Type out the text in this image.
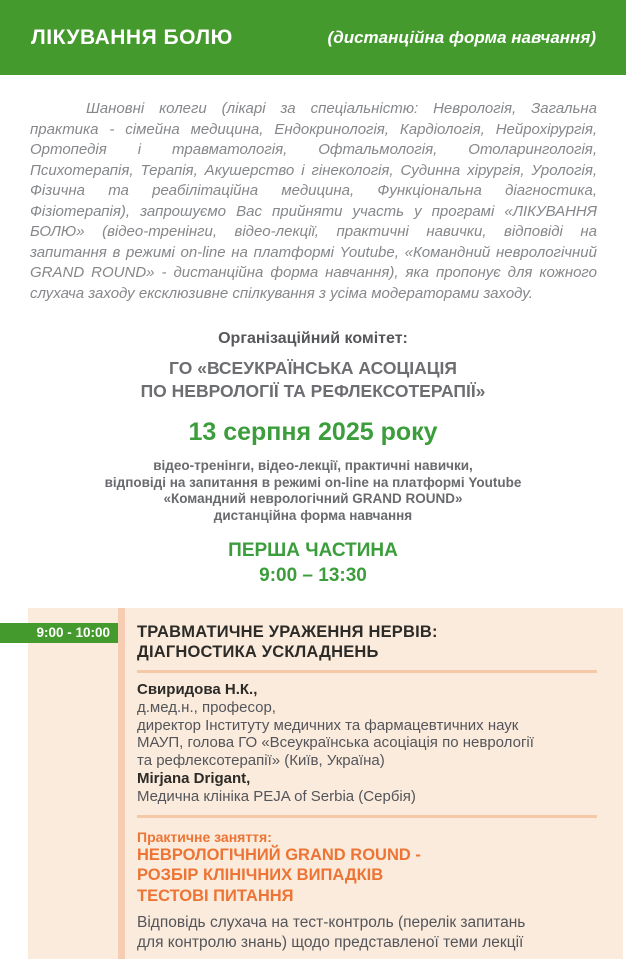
ЛІКУВАННЯ БОЛЮ	(дистанційна форма навчання)

Шановні колеги (лікарі за спеціальністю: Неврологія, Загальна практика - сімейна медицина, Ендокринологія, Кардіологія, Нейрохірургія, Ортопедія і травматологія, Офтальмологія, Отоларингологія, Психотерапія, Терапія, Акушерство і гінекологія, Судинна хірургія, Урологія, Фізична та реабілітаційна медицина, Функціональна діагностика, Фізіотерапія), запрошуємо Вас прийняти участь у програмі «ЛІКУВАННЯ БОЛЮ» (відео-тренінги, відео-лекції, практичні навички, відповіді на запитання в режимі on-line на платформі Youtube, «Командний неврологічний GRAND ROUND» - дистанційна форма навчання), яка пропонує для кожного слухача заходу ексклюзивне спілкування з усіма модераторами заходу.

Організаційний комітет:
ГО «ВСЕУКРАЇНСЬКА АСОЦІАЦІЯ
ПО НЕВРОЛОГІЇ ТА РЕФЛЕКСОТЕРАПІЇ»
13 серпня 2025 року
відео-тренінги, відео-лекції, практичні навички,
відповіді на запитання в режимі on-line на платформі Youtube
«Командний неврологічний GRAND ROUND»
дистанційна форма навчання
ПЕРША ЧАСТИНА
9:00 – 13:30
9:00 - 10:00	ТРАВМАТИЧНЕ УРАЖЕННЯ НЕРВІВ:
ДІАГНОСТИКА УСКЛАДНЕНЬ
Свиридова Н.К.,
д.мед.н., професор,
директор Інституту медичних та фармацевтичних наук
МАУП, голова ГО «Всеукраїнська асоціація по неврології
та рефлексотерапії» (Київ, Україна)
Mirjana Drigant,
Медична клініка PEJA of Serbia (Сербія)
Практичне заняття:
НЕВРОЛОГІЧНИЙ GRAND ROUND -
РОЗБІР КЛІНІЧНИХ ВИПАДКІВ
ТЕСТОВІ ПИТАННЯ
Відповідь слухача на тест-контроль (перелік запитань
для контролю знань) щодо представленої теми лекції
